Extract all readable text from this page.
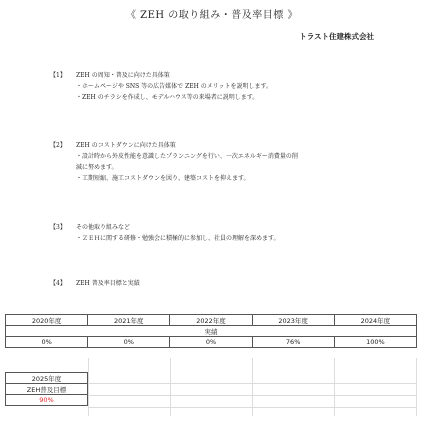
《 ZEH の取り組み・普及率目標 》
トラスト住建株式会社
【1】	ZEH の周知・普及に向けた具体策
・ホームページや SNS 等の広告媒体で ZEH のメリットを説明します。
・ZEH のチラシを作成し、モデルハウス等の来場者に説明します。
【2】	ZEH のコストダウンに向けた具体策
・設計時から外皮性能を意識したプランニングを行い、一次エネルギー消費量の削
減に努めます。
・工期短縮、施工コストダウンを図り、建築コストを抑えます。
【3】	その他取り組みなど
・ＺＥＨに関する研修・勉強会に積極的に参加し、社員の理解を深めます。
【4】	ZEH 普及率目標と実績
2020年度	2021年度	2022年度	2023年度	2024年度
実績				
0%	0%	0%	76%	100%
2025年度
ZEH普及目標
90%
